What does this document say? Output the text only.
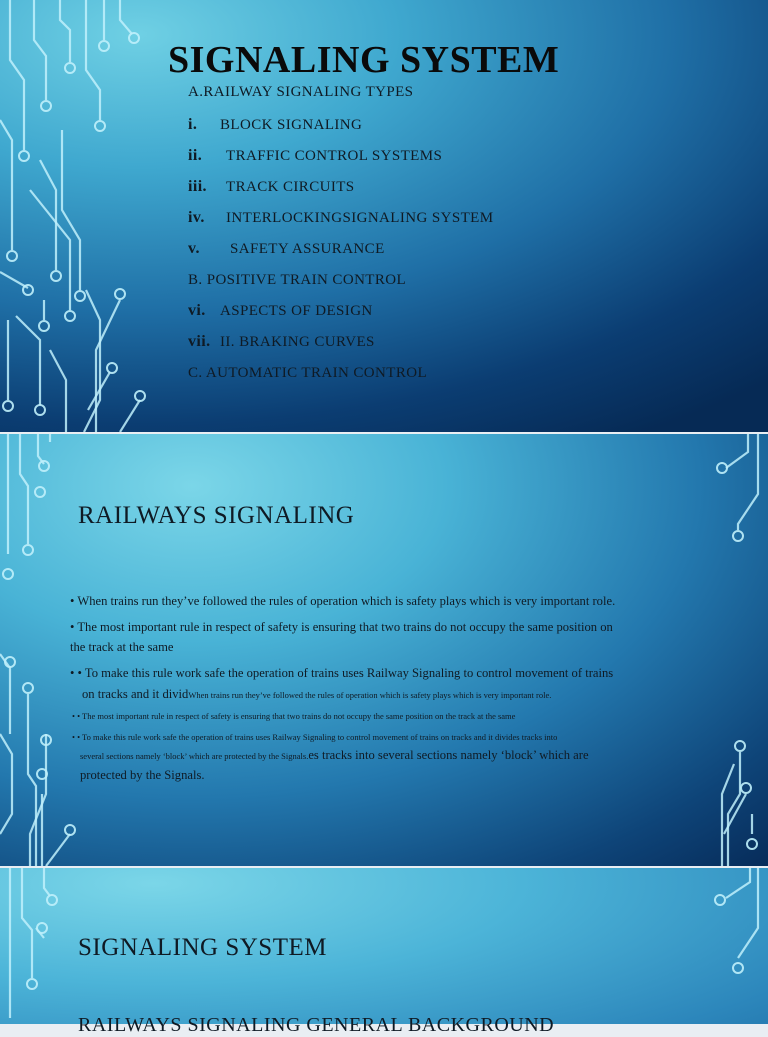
SIGNALING SYSTEM
A.RAILWAY SIGNALING TYPES
i. BLOCK SIGNALING
ii. TRAFFIC CONTROL SYSTEMS
iii. TRACK CIRCUITS
iv. INTERLOCKINGSIGNALING SYSTEM
v. SAFETY ASSURANCE
B. POSITIVE TRAIN CONTROL
vi. ASPECTS OF DESIGN
vii. II. BRAKING CURVES
C. AUTOMATIC TRAIN CONTROL
RAILWAYS SIGNALING
• When trains run they’ve followed the rules of operation which is safety plays which is very important role.
• The most important rule in respect of safety is ensuring that two trains do not occupy the same position on
the track at the same
• • To make this rule work safe the operation of trains uses Railway Signaling to control movement of trains
on tracks and it dividWhen trains run they’ve followed the rules of operation which is safety plays which is very important role.
• • The most important rule in respect of safety is ensuring that two trains do not occupy the same position on the track at the same
• • To make this rule work safe the operation of trains uses Railway Signaling to control movement of trains on tracks and it divides tracks into
several sections namely ‘block’ which are protected by the Signals.es tracks into several sections namely ‘block’ which are
protected by the Signals.
SIGNALING SYSTEM
RAILWAYS SIGNALING GENERAL BACKGROUND
